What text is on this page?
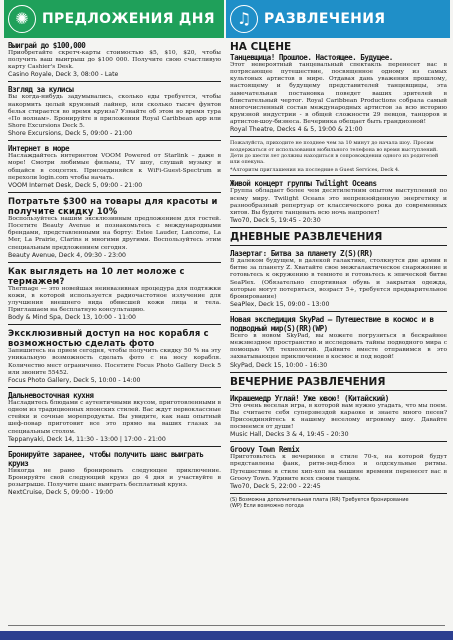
✺ ПРЕДЛОЖЕНИЯ ДНЯ
Выиграй до $100,000
Приобретайте скретч-карты стоимостью $5, $10, $20, чтобы получить ваш выигрыш до $100 000. Получите свою счастливую карту Cashier's Desk.
Casino Royale, Deck 3, 08:00 - Late
Взгляд за кулисы
Вы когда-нибудь задумывались, сколько еды требуется, чтобы накормить целый круизный лайнер, или сколько тысяч фунтов белья стирается во время круиза? Узнайте об этом во время тура «По волнам». Бронируйте в приложении Royal Caribbean app или Shore Excursions Deck 5.
Shore Excursions, Deck 5, 09:00 - 21:00
Интернет в море
Наслаждайтесь интернетом VOOM Powered от Starlink – даже в море! Смотри любимые фильмы, TV шоу, слушай музыку и общайся в соцсетях. Присоединяйся к WiFi-Guest-Spectrum и перехоли login.com чтобы начать.
VOOM Internet Desk, Deck 5, 09:00 - 21:00
Потратьте $300 на товары для красоты и получите скидку 10%
Воспользуйтесь нашим эксклюзивным предложением для гостей. Посетите Beauty Avenue и познакомьтесь с международными брендами, представленными на борту: Estee Lauder, Lancome, La Mer, La Prairie, Clarins и многими другими. Воспользуйтесь этим специальным предложением сегодня.
Beauty Avenue, Deck 4, 09:30 - 23:00
Как выглядеть на 10 лет моложе с термажем?
Thermage — это новейшая неинвазивная процедура для подтяжки кожи, в которой используется радиочастотное излучение для улучшения внешнего вида обвисшей кожи лица и тела. Приглашаем на бесплатную консультацию.
Body & Mind Spa, Deck 13, 10:00 - 11:00
Эксклюзивный доступ на нос корабля с возможностью сделать фото
Запишитесь на прием сегодня, чтобы получить скидку 50 % на эту уникальную возможность сделать фото с на носу корабля. Количество мест ограничено. Посетите Focus Photo Gallery Deck 5 или звоните 55452.
Focus Photo Gallery, Deck 5, 10:00 - 14:00
Дальневосточная кухня
Насладитесь блюдами с аутентичными вкусом, приготовленными в одном из традиционных японских стилей. Вас ждут первоклассные стейки и сочные морепродукты. Вы увидите, как наш опытный шеф-повар приготовит все это прямо на ваших глазах за специальным столом.
Teppanyaki, Deck 14, 11:30 - 13:00 | 17:00 - 21:00
Бронируйте заранее, чтобы получить шанс выиграть круиз
Никогда не рано бронировать следующее приключение. Бронируйте свой следующий круиз до 4 дня и участвуйте в розыгрыше. Получите шанс выиграть бесплатный круиз.
NextCruise, Deck 5, 09:00 - 19:00
♫ РАЗВЛЕЧЕНИЯ
НА СЦЕНЕ
Танцевщица! Прошлое. Настоящее. Будущее.
Этот невероятный танцевальный спектакль перенесет вас в потрясающее путешествие, посвященное одному из самых культовых артистов в мире. Отдавая дань уважения прошлому, настоящему и будущему представителей танцевщицы, эта замечательная постановка поведет ваших зрителей в блистательный чертог. Royal Caribbean Productions собрала самый многочисленный состав международных артистов за всю историю круизной индустрии - в общей сложности 29 певцов, танцоров и артистов-шоу-бизнеса. Вечеринка обещает быть грандиозной!
Royal Theatre, Decks 4 & 5, 19:00 & 21:00
Пожалуйста, приходите не позднее чем за 10 минут до начала шоу. Просим воздержаться от использования мобильного телефона во время выступлений. Дети до шести лет должны находиться в сопровождении одного из родителей или опекуна.
*Алгоритм приглашения на последние в Guest Services, Deck 4.
Живой концерт группы Twilight Oceans
Группа обладает более чем десятилетним опытом выступлений по всему миру. Twilight Oceans это непревзойденную энергетику и разнообразный репертуар от классического рока до современных хитов. Вы будете танцевать всю ночь напролет!
Two70, Deck 5, 19:45 - 20:30
ДНЕВНЫЕ РАЗВЛЕЧЕНИЯ
Лазертаг: Битва за планету Z(S)(RR)
В далеком будущем, в далекой галактике, столкнутся две армии в битве за планету Z. Хватайте свое межгалактическое снаряжение и готовьтесь к окружению в темноте и готовьтесь к эпической битве SeaPlex. (Обязательно спортивная обувь и закрытая одежда, которые могут потеряться, возраст 5+, требуется предварительное бронирование)
SeaPlex, Deck 15, 09:00 - 13:00
Новая экспедиция SkyPad – Путешествие в космос и в подводный мир(S)(RR)(WP)
Всего в новом SkyPad, вы можете погрузиться в бескрайнее межзвездное пространство и исследовать тайны подводного мира с помощью VR технологий. Дайвите вместе отправимся в это захватывающее приключение в космос и под водой!
SkyPad, Deck 15, 10:00 - 16:30
ВЕЧЕРНИЕ РАЗВЛЕЧЕНИЯ
Икрашемедр Углай! Уже ювою! (Китайский)
Это очень веселая игра, в которой вам нужно угадать, что мы поем. Вы считаете себя суперзвездой караоке и знаете много песен? Присоединяйтесь к нашему веселому игровому шоу. Давайте посмеемся от души!
Music Hall, Decks 3 & 4, 19:45 - 20:30
Groovy Town Remix
Приготовьтесь к вечеринке в стиле 70-х, на которой будут представлены фанк, ритм-энд-блюз и олдскульные ритмы. Путешествие в стиле хип-хоп на машине времени перенесет вас в Groovy Town. Удивите всех своим танцем.
Two70, Deck 5, 22:00 - 22:45
(S) Возможна дополнительная плата (RR) Требуется бронирование
(WP) Если возможно погода
